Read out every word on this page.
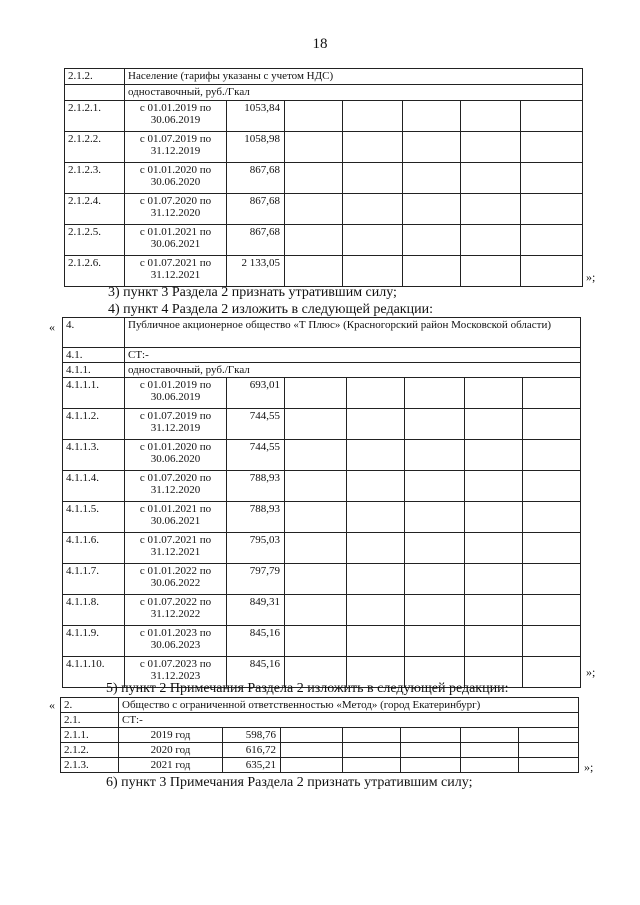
18
2.1.2.	Население (тарифы указаны с учетом НДС)						
	одноставочный, руб./Гкал						
2.1.2.1.	с 01.01.2019 по 30.06.2019	1053,84					
2.1.2.2.	с 01.07.2019 по 31.12.2019	1058,98					
2.1.2.3.	с 01.01.2020 по 30.06.2020	867,68					
2.1.2.4.	с 01.07.2020 по 31.12.2020	867,68					
2.1.2.5.	с 01.01.2021 по 30.06.2021	867,68					
2.1.2.6.	с 01.07.2021 по 31.12.2021	2 133,05					
»;
3) пункт 3 Раздела 2 признать утратившим силу;
4) пункт 4 Раздела 2 изложить в следующей редакции:
« 4.	Публичное акционерное общество «Т Плюс» (Красногорский район Московской области)						
4.1.	СТ:-						
4.1.1.	одноставочный, руб./Гкал						
4.1.1.1.	с 01.01.2019 по 30.06.2019	693,01					
4.1.1.2.	с 01.07.2019 по 31.12.2019	744,55					
4.1.1.3.	с 01.01.2020 по 30.06.2020	744,55					
4.1.1.4.	с 01.07.2020 по 31.12.2020	788,93					
4.1.1.5.	с 01.01.2021 по 30.06.2021	788,93					
4.1.1.6.	с 01.07.2021 по 31.12.2021	795,03					
4.1.1.7.	с 01.01.2022 по 30.06.2022	797,79					
4.1.1.8.	с 01.07.2022 по 31.12.2022	849,31					
4.1.1.9.	с 01.01.2023 по 30.06.2023	845,16					
4.1.1.10.	с 01.07.2023 по 31.12.2023	845,16					
»;
5) пункт 2 Примечания Раздела 2 изложить в следующей редакции:
« 2.	Общество с ограниченной ответственностью «Метод» (город Екатеринбург)						
2.1.	СТ:-						
2.1.1.	2019 год	598,76					
2.1.2.	2020 год	616,72					
2.1.3.	2021 год	635,21						»;
6) пункт 3 Примечания Раздела 2 признать утратившим силу;
